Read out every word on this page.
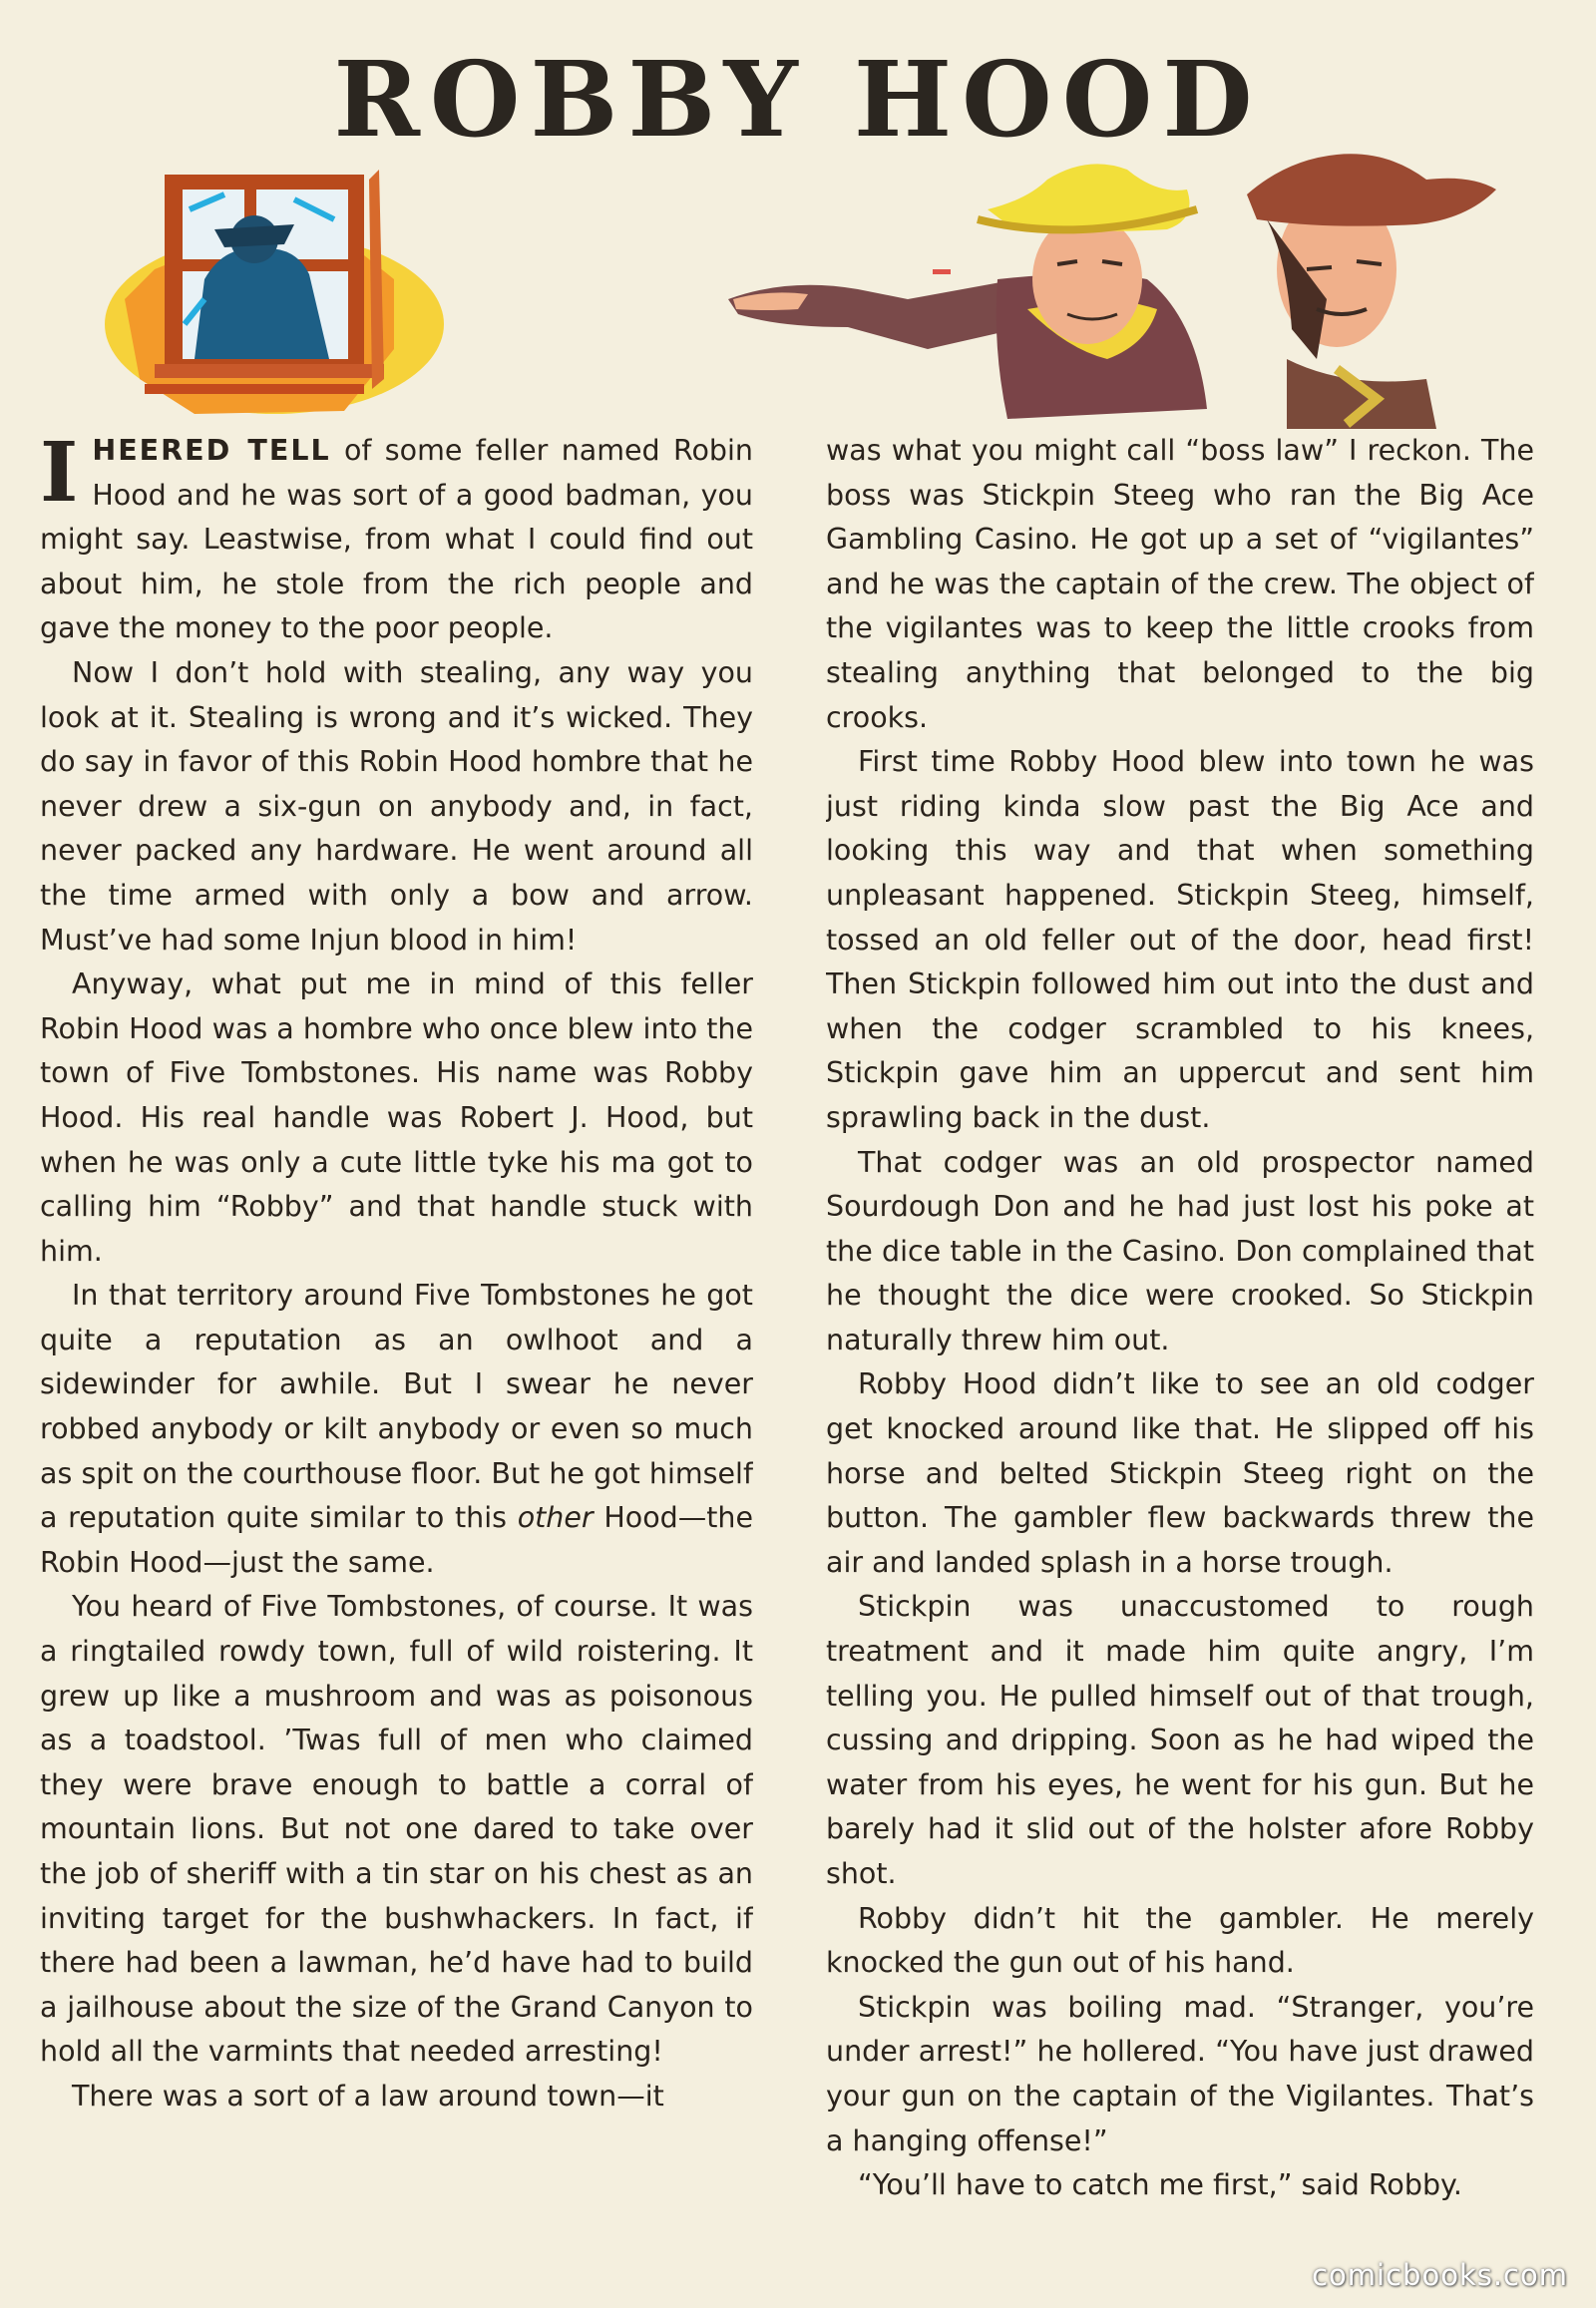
ROBBY HOOD

IHEERED TELL of some feller named Robin Hood and he was sort of a good badman, you might say. Leastwise, from what I could find out about him, he stole from the rich people and gave the money to the poor people.

Now I don’t hold with stealing, any way you look at it. Stealing is wrong and it’s wicked. They do say in favor of this Robin Hood hombre that he never drew a six-gun on anybody and, in fact, never packed any hardware. He went around all the time armed with only a bow and arrow. Must’ve had some Injun blood in him!

Anyway, what put me in mind of this feller Robin Hood was a hombre who once blew into the town of Five Tombstones. His name was Robby Hood. His real handle was Robert J. Hood, but when he was only a cute little tyke his ma got to calling him “Robby” and that handle stuck with him.

In that territory around Five Tombstones he got quite a reputation as an owlhoot and a sidewinder for awhile. But I swear he never robbed anybody or kilt anybody or even so much as spit on the courthouse floor. But he got himself a reputation quite similar to this other Hood—the Robin Hood—just the same.

You heard of Five Tombstones, of course. It was a ringtailed rowdy town, full of wild roistering. It grew up like a mushroom and was as poisonous as a toadstool. ’Twas full of men who claimed they were brave enough to battle a corral of mountain lions. But not one dared to take over the job of sheriff with a tin star on his chest as an inviting target for the bushwhackers. In fact, if there had been a lawman, he’d have had to build a jailhouse about the size of the Grand Canyon to hold all the varmints that needed arresting!

There was a sort of a law around town—it

was what you might call “boss law” I reckon. The boss was Stickpin Steeg who ran the Big Ace Gambling Casino. He got up a set of “vigilantes” and he was the captain of the crew. The object of the vigilantes was to keep the little crooks from stealing anything that belonged to the big crooks.

First time Robby Hood blew into town he was just riding kinda slow past the Big Ace and looking this way and that when something unpleasant happened. Stickpin Steeg, himself, tossed an old feller out of the door, head first! Then Stickpin followed him out into the dust and when the codger scrambled to his knees, Stickpin gave him an uppercut and sent him sprawling back in the dust.

That codger was an old prospector named Sourdough Don and he had just lost his poke at the dice table in the Casino. Don complained that he thought the dice were crooked. So Stickpin naturally threw him out.

Robby Hood didn’t like to see an old codger get knocked around like that. He slipped off his horse and belted Stickpin Steeg right on the button. The gambler flew backwards threw the air and landed splash in a horse trough.

Stickpin was unaccustomed to rough treatment and it made him quite angry, I’m telling you. He pulled himself out of that trough, cussing and dripping. Soon as he had wiped the water from his eyes, he went for his gun. But he barely had it slid out of the holster afore Robby shot.

Robby didn’t hit the gambler. He merely knocked the gun out of his hand.

Stickpin was boiling mad. “Stranger, you’re under arrest!” he hollered. “You have just drawed your gun on the captain of the Vigilantes. That’s a hanging offense!”

“You’ll have to catch me first,” said Robby.

comicbooks.com
